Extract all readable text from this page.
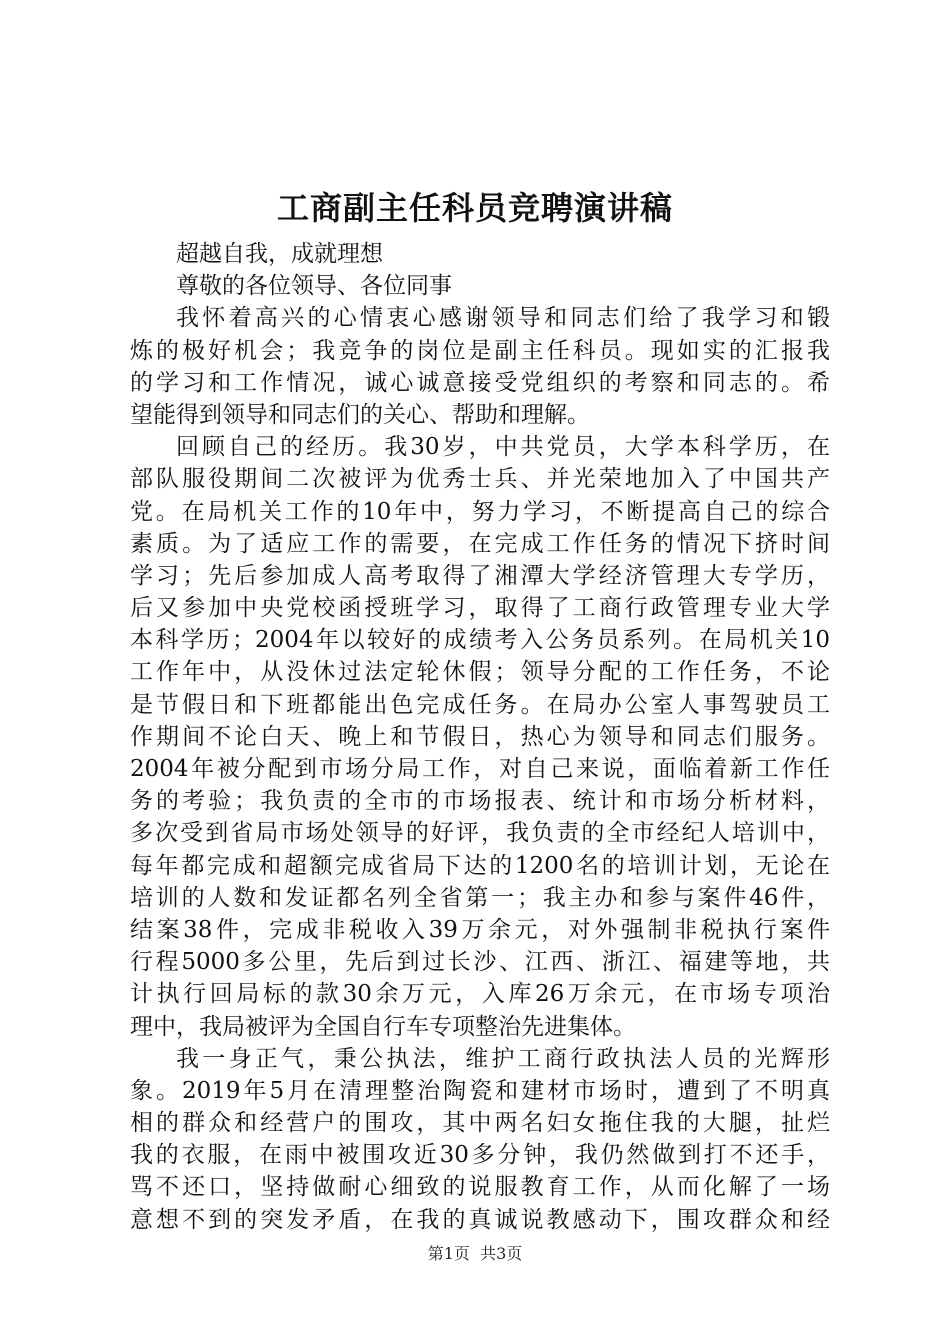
工商副主任科员竞聘演讲稿

超越自我，成就理想

尊敬的各位领导、各位同事

我怀着高兴的心情衷心感谢领导和同志们给了我学习和锻

炼的极好机会；我竞争的岗位是副主任科员。现如实的汇报我

的学习和工作情况，诚心诚意接受党组织的考察和同志的。希

望能得到领导和同志们的关心、帮助和理解。

回顾自己的经历。我30岁，中共党员，大学本科学历，在

部队服役期间二次被评为优秀士兵、并光荣地加入了中国共产

党。在局机关工作的10年中，努力学习，不断提高自己的综合

素质。为了适应工作的需要，在完成工作任务的情况下挤时间

学习；先后参加成人高考取得了湘潭大学经济管理大专学历，

后又参加中央党校函授班学习，取得了工商行政管理专业大学

本科学历；2004年以较好的成绩考入公务员系列。在局机关10

工作年中，从没休过法定轮休假；领导分配的工作任务，不论

是节假日和下班都能出色完成任务。在局办公室人事驾驶员工

作期间不论白天、晚上和节假日，热心为领导和同志们服务。

2004年被分配到市场分局工作，对自己来说，面临着新工作任

务的考验；我负责的全市的市场报表、统计和市场分析材料，

多次受到省局市场处领导的好评，我负责的全市经纪人培训中，

每年都完成和超额完成省局下达的1200名的培训计划，无论在

培训的人数和发证都名列全省第一；我主办和参与案件46件，

结案38件，完成非税收入39万余元，对外强制非税执行案件

行程5000多公里，先后到过长沙、江西、浙江、福建等地，共

计执行回局标的款30余万元，入库26万余元，在市场专项治

理中，我局被评为全国自行车专项整治先进集体。

我一身正气，秉公执法，维护工商行政执法人员的光辉形

象。2019年5月在清理整治陶瓷和建材市场时，遭到了不明真

相的群众和经营户的围攻，其中两名妇女拖住我的大腿，扯烂

我的衣服，在雨中被围攻近30多分钟，我仍然做到打不还手，

骂不还口，坚持做耐心细致的说服教育工作，从而化解了一场

意想不到的突发矛盾，在我的真诚说教感动下，围攻群众和经

第1页  共3页
